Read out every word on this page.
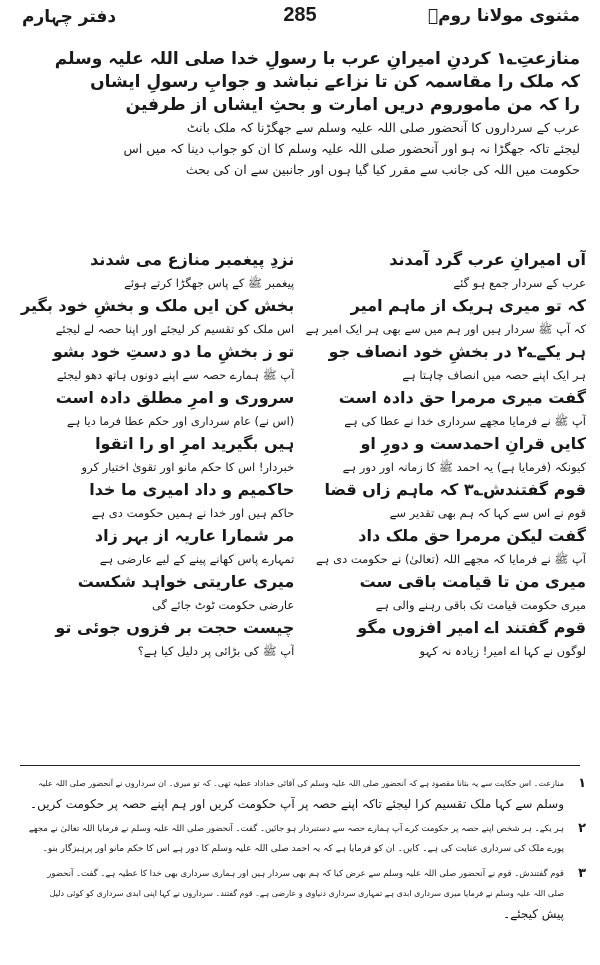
مثنوی مولانا رومؒ
285
دفتر چہارم
منازعتِ؎۱ کردنِ امیرانِ عرب با رسولِ خدا صلی اللہ علیہ وسلم
کہ ملک را مقاسمہ کن تا نزاعے نباشد و جوابِ رسولِ ایشاں
را کہ من ماموروم دریں امارت و بحثِ ایشاں از طرفین
عرب کے سرداروں کا آنحضور صلی اللہ علیہ وسلم سے جھگڑنا کہ ملک بانٹ
لیجئے تاکہ جھگڑا نہ ہو اور آنحضور صلی اللہ علیہ وسلم کا ان کو جواب دینا کہ میں اس
حکومت میں اللہ کی جانب سے مقرر کیا گیا ہوں اور جانبین سے ان کی بحث
آں امیرانِ عرب گرد آمدند
نزدِ پیغمبر منازع می شدند
عرب کے سردار جمع ہو گئے
پیغمبر ﷺ کے پاس جھگڑا کرتے ہوئے
کہ تو میری ہریک از ماہم امیر
بخش کن ایں ملک و بخشِ خود بگیر
کہ آپ ﷺ سردار ہیں اور ہم میں سے بھی ہر ایک امیر ہے
اس ملک کو تقسیم کر لیجئے اور اپنا حصہ لے لیجئے
ہر یکے؎۲ در بخشِ خود انصاف جو
تو ز بخشِ ما دو دستِ خود بشو
ہر ایک اپنے حصہ میں انصاف چاہتا ہے
آپ ﷺ ہمارے حصہ سے اپنے دونوں ہاتھ دھو لیجئے
گفت میری مرمرا حق دادہ است
سروری و امرِ مطلق دادہ است
آپ ﷺ نے فرمایا مجھے سرداری خدا نے عطا کی ہے
(اس نے) عام سرداری اور حکم عطا فرما دیا ہے
کایں قرانِ احمدست و دورِ او
ہیں بگیرید امرِ او را اتقوا
کیونکہ (فرمایا ہے) یہ احمد ﷺ کا زمانہ اور دور ہے
خبردار! اس کا حکم مانو اور تقویٰ اختیار کرو
قوم گفتندش؎۳ کہ ماہم زاں قضا
حاکمیم و داد امیری ما خدا
قوم نے اس سے کہا کہ ہم بھی تقدیر سے
حاکم ہیں اور خدا نے ہمیں حکومت دی ہے
گفت لیکن مرمرا حق ملک داد
مر شمارا عاریہ از بہر زاد
آپ ﷺ نے فرمایا کہ مجھے اللہ (تعالیٰ) نے حکومت دی ہے
تمہارے پاس کھانے پینے کے لیے عارضی ہے
میری من تا قیامت باقی ست
میری عاریتی خواہد شکست
میری حکومت قیامت تک باقی رہنے والی ہے
عارضی حکومت ٹوٹ جائے گی
قوم گفتند اے امیر افزوں مگو
چیست حجت بر فزوں جوئی تو
لوگوں نے کہا اے امیر! زیادہ نہ کہو
آپ ﷺ کی بڑائی پر دلیل کیا ہے؟
۱
منازعت۔ اس حکایت سے یہ بتانا مقصود ہے کہ آنحضور صلی اللہ علیہ وسلم کی آقائی خداداد عطیہ تھی۔ کہ تو میری۔ ان سرداروں نے آنحضور صلی اللہ علیہ
وسلم سے کہا ملک تقسیم کرا لیجئے تاکہ اپنے حصہ پر آپ حکومت کریں اور ہم اپنے حصہ پر حکومت کریں۔
۲
ہر یکے۔ ہر شخص اپنے حصہ پر حکومت کرے آپ ہمارے حصہ سے دستبردار ہو جائیں۔ گفت۔ آنحضور صلی اللہ علیہ وسلم نے فرمایا اللہ تعالیٰ نے مجھے
پورے ملک کی سرداری عنایت کی ہے۔ کایں۔ ان کو فرمایا ہے کہ یہ احمد صلی اللہ علیہ وسلم کا دور ہے اس کا حکم مانو اور پرہیزگار بنو۔
۳
قوم گفتندش۔ قوم نے آنحضور صلی اللہ علیہ وسلم سے عرض کیا کہ ہم بھی سردار ہیں اور ہماری سرداری بھی خدا کا عطیہ ہے۔ گفت۔ آنحضور
صلی اللہ علیہ وسلم نے فرمایا میری سرداری ابدی ہے تمہاری سرداری دنیاوی و عارضی ہے۔ قوم گفتند۔ سرداروں نے کہا اپنی ابدی سرداری کو کوئی دلیل
پیش کیجئے۔
